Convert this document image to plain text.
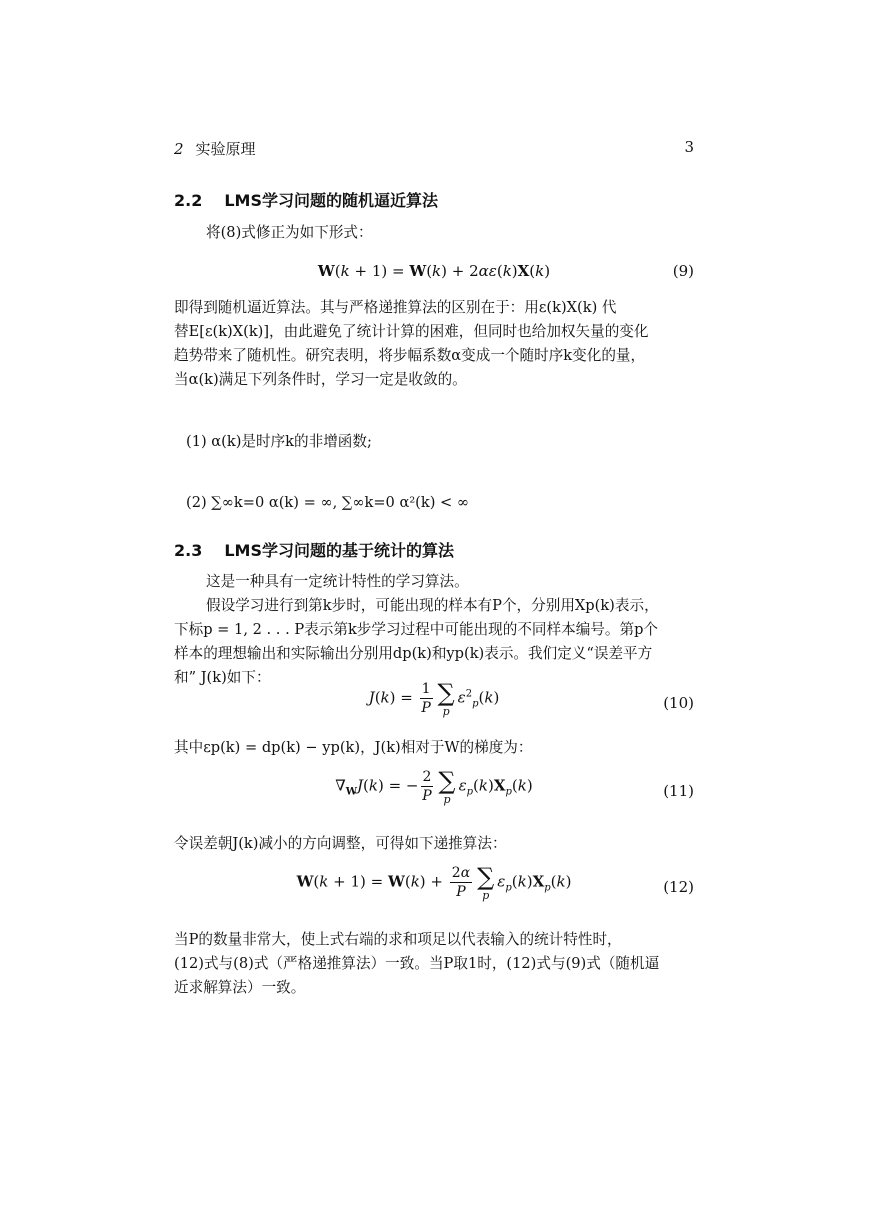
2 实验原理	3
2.2 LMS学习问题的随机逼近算法
将(8)式修正为如下形式：
W(k + 1) = W(k) + 2αε(k)X(k)	(9)
即得到随机逼近算法。其与严格递推算法的区别在于：用ε(k)X(k) 代
替E[ε(k)X(k)]，由此避免了统计计算的困难，但同时也给加权矢量的变化
趋势带来了随机性。研究表明，将步幅系数α变成一个随时序k变化的量，
当α(k)满足下列条件时，学习一定是收敛的。
(1) α(k)是时序k的非增函数;
(2) ∑∞k=0 α(k) = ∞, ∑∞k=0 α²(k) < ∞
2.3 LMS学习问题的基于统计的算法
这是一种具有一定统计特性的学习算法。
假设学习进行到第k步时，可能出现的样本有P个，分别用Xp(k)表示，
下标p = 1, 2 . . . P表示第k步学习过程中可能出现的不同样本编号。第p个
样本的理想输出和实际输出分别用dp(k)和yp(k)表示。我们定义“误差平方
和” J(k)如下：
$J(k) = \frac{1}{P}$ ∑
p
$\varepsilon^2_p(k)$	(10)
其中εp(k) = dp(k) − yp(k)，J(k)相对于W的梯度为：
$\nabla_WJ(k)$ = − $\frac{2}{P}$ ∑
p
$\varepsilon_p(k)X_p(k)$	(11)
令误差朝J(k)减小的方向调整，可得如下递推算法：
$W(k + 1) = W(k) + \frac{2\alpha}{P}$ ∑
p
$\varepsilon_p(k)X_p(k)$	(12)
当P的数量非常大，使上式右端的求和项足以代表输入的统计特性时，
(12)式与(8)式（严格递推算法）一致。当P取1时，(12)式与(9)式（随机逼
近求解算法）一致。
